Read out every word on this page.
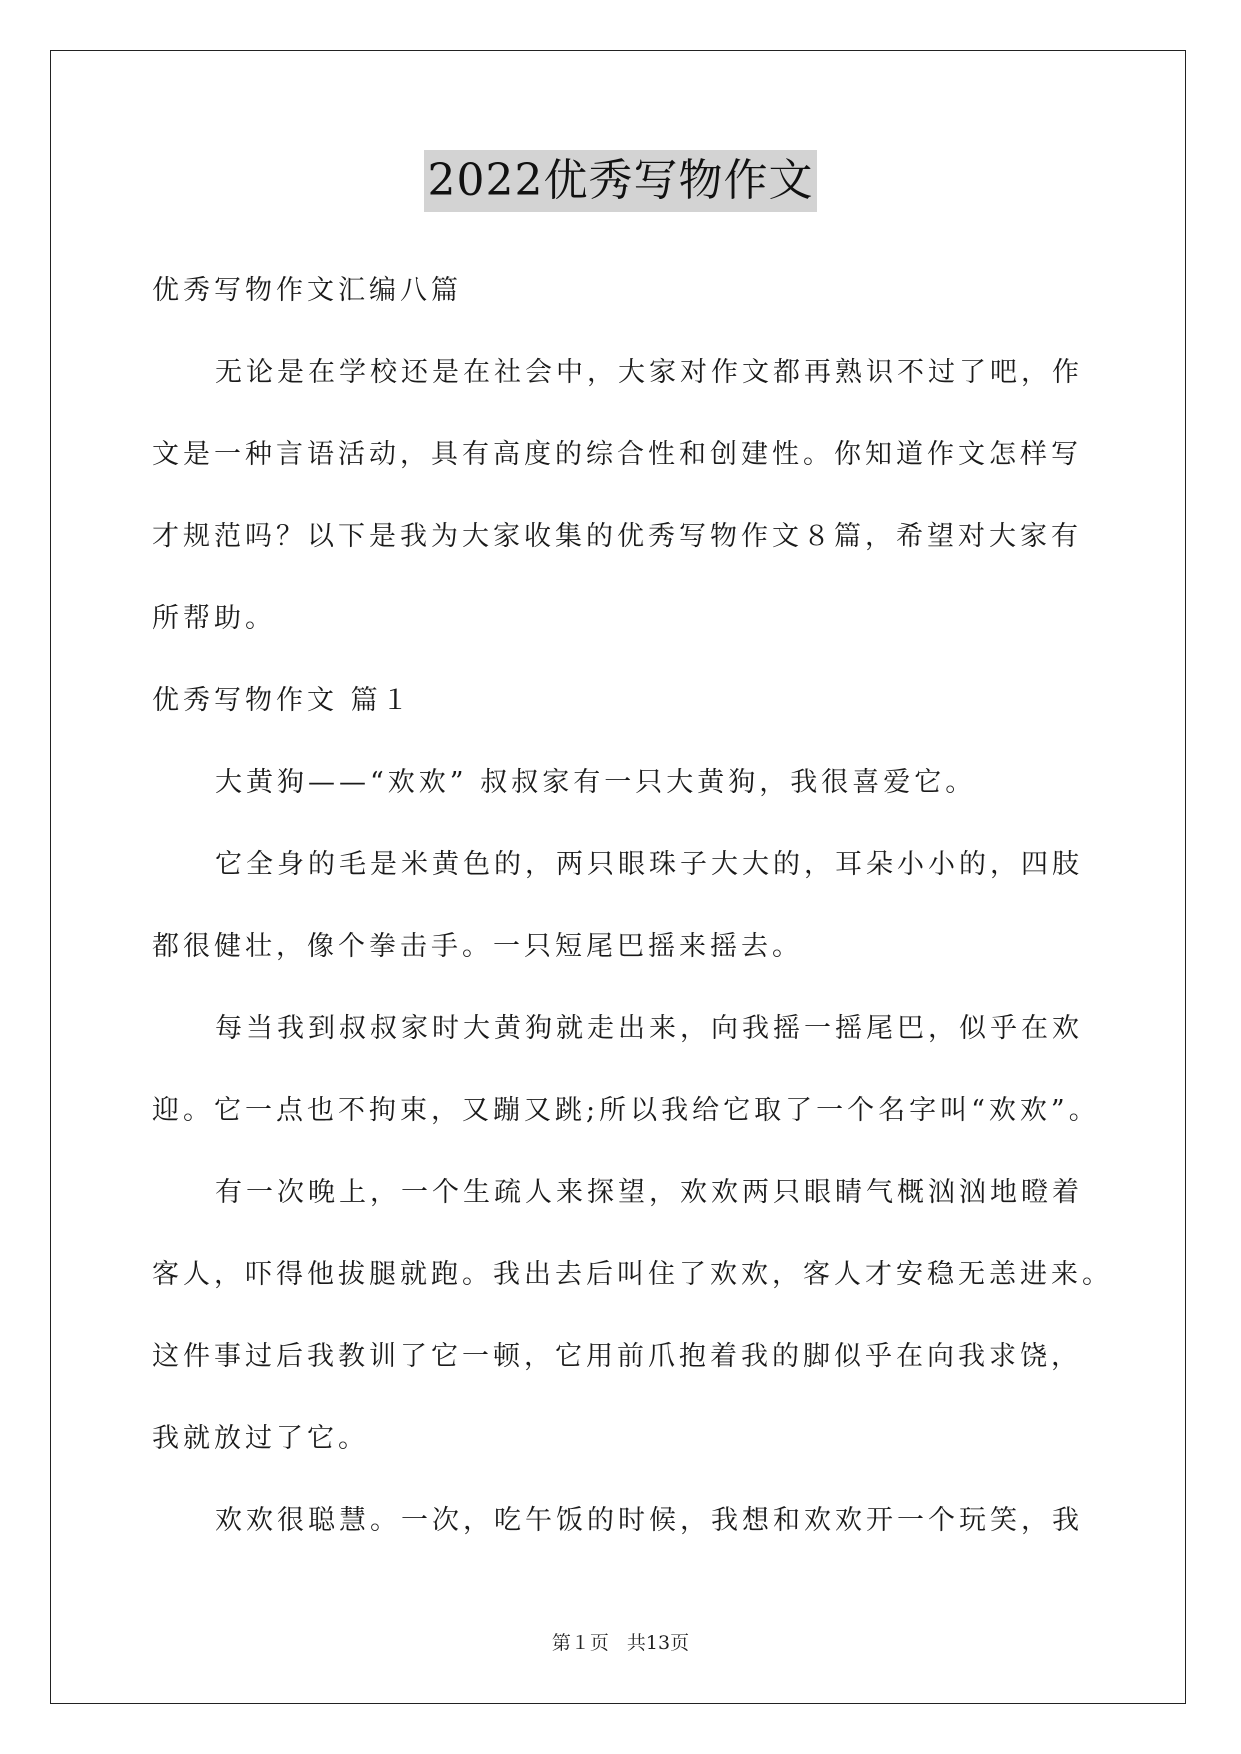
2022优秀写物作文
优秀写物作文汇编八篇
无论是在学校还是在社会中，大家对作文都再熟识不过了吧，作
文是一种言语活动，具有高度的综合性和创建性。你知道作文怎样写
才规范吗？以下是我为大家收集的优秀写物作文８篇，希望对大家有
所帮助。
优秀写物作文 篇１
大黄狗——“欢欢” 叔叔家有一只大黄狗，我很喜爱它。
它全身的毛是米黄色的，两只眼珠子大大的，耳朵小小的，四肢
都很健壮，像个拳击手。一只短尾巴摇来摇去。
每当我到叔叔家时大黄狗就走出来，向我摇一摇尾巴，似乎在欢
迎。它一点也不拘束，又蹦又跳;所以我给它取了一个名字叫“欢欢”。
有一次晚上，一个生疏人来探望，欢欢两只眼睛气概汹汹地瞪着
客人，吓得他拔腿就跑。我出去后叫住了欢欢，客人才安稳无恙进来。
这件事过后我教训了它一顿，它用前爪抱着我的脚似乎在向我求饶，
我就放过了它。
欢欢很聪慧。一次，吃午饭的时候，我想和欢欢开一个玩笑，我
第１页 共13页
